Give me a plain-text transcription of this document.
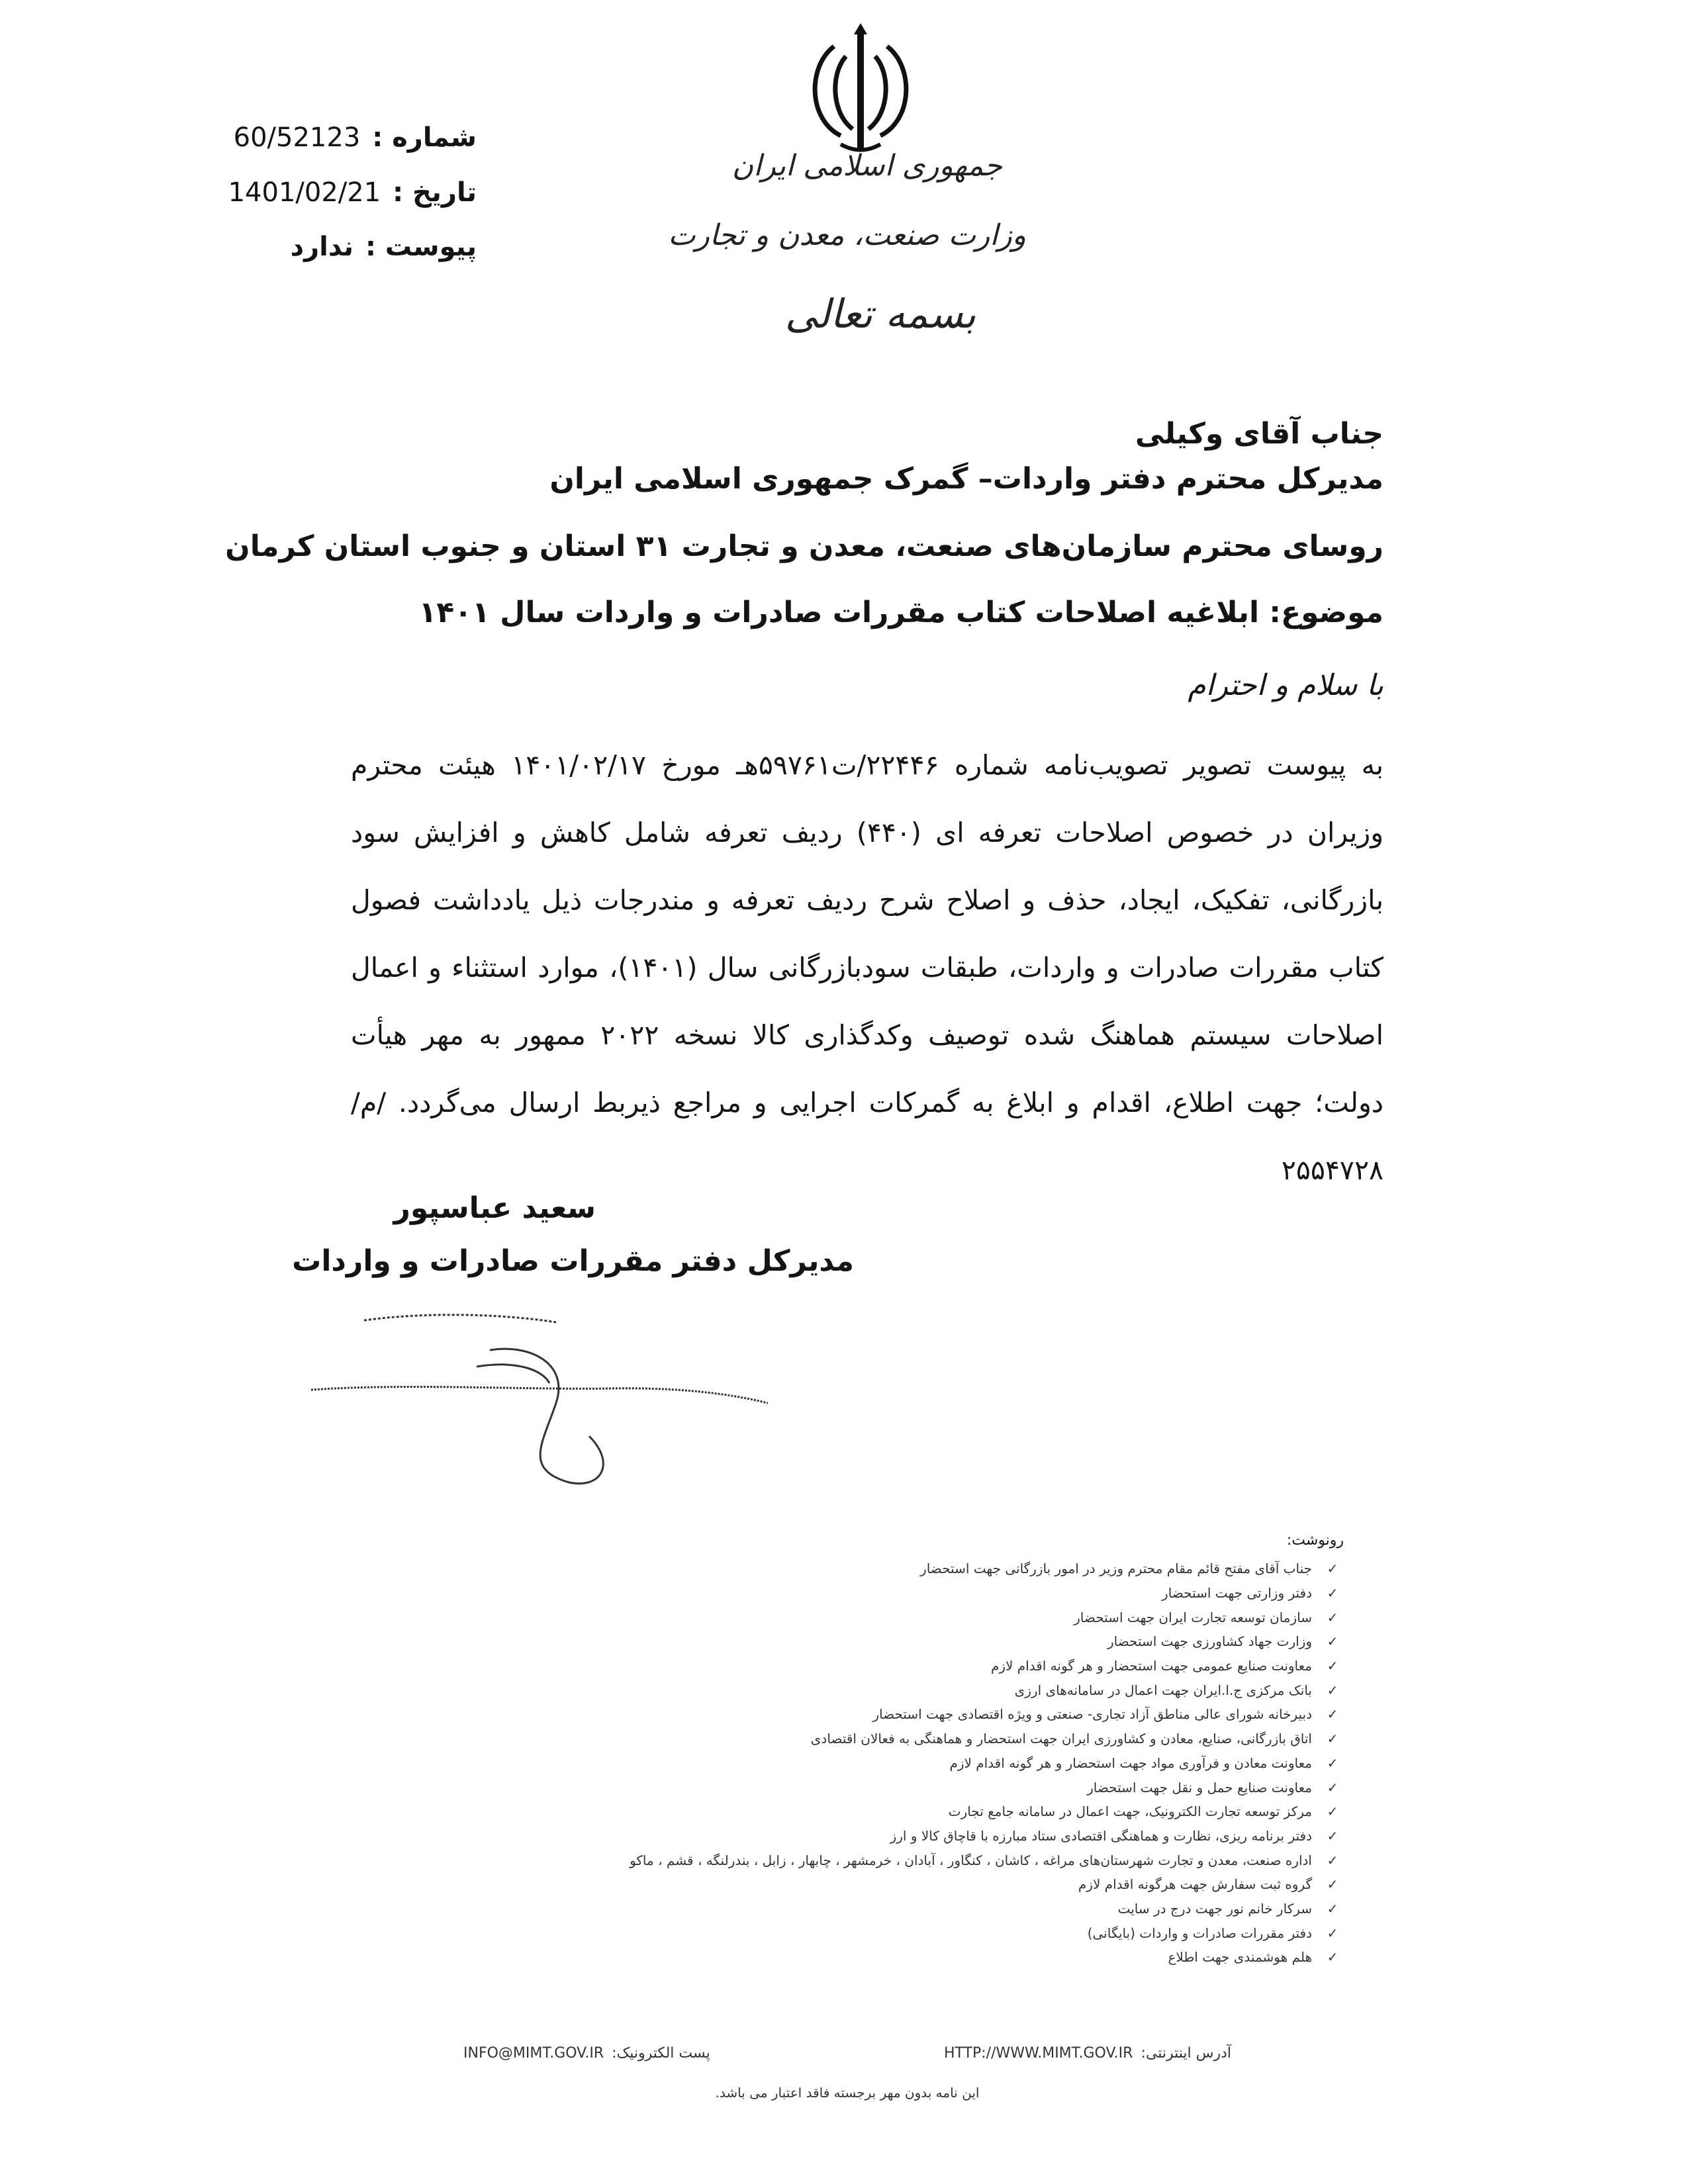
جمهوری اسلامی ایران
وزارت صنعت، معدن و تجارت
بسمه تعالی
شماره :
60/52123
تاریخ :
1401/02/21
پیوست :
ندارد
جناب آقای وکیلی
مدیرکل محترم دفتر واردات– گمرک جمهوری اسلامی ایران
روسای محترم سازمان‌های صنعت، معدن و تجارت ۳۱ استان و جنوب استان کرمان
موضوع: ابلاغیه اصلاحات کتاب مقررات صادرات و واردات سال ۱۴۰۱
با سلام و احترام
به پیوست تصویر تصویب‌نامه شماره ۲۲۴۴۶/ت۵۹۷۶۱هـ مورخ ۱۴۰۱/۰۲/۱۷ هیئت محترم وزیران در خصوص اصلاحات تعرفه ای (۴۴۰) ردیف تعرفه شامل کاهش و افزایش سود بازرگانی، تفکیک، ایجاد، حذف و اصلاح شرح ردیف تعرفه و مندرجات ذیل یادداشت فصول کتاب مقررات صادرات و واردات، طبقات سودبازرگانی سال (۱۴۰۱)، موارد استثناء و اعمال اصلاحات سیستم هماهنگ شده توصیف وکدگذاری کالا نسخه ۲۰۲۲ ممهور به مهر هیأت دولت؛ جهت اطلاع، اقدام و ابلاغ به گمرکات اجرایی و مراجع ذیربط ارسال می‌گردد. /م/۲۵۵۴۷۲۸
سعید عباسپور
مدیرکل دفتر مقررات صادرات و واردات
رونوشت:
✓
جناب آقای مفتح قائم مقام محترم وزیر در امور بازرگانی جهت استحضار
✓
دفتر وزارتی جهت استحضار
✓
سازمان توسعه تجارت ایران جهت استحضار
✓
وزارت جهاد کشاورزی جهت استحضار
✓
معاونت صنایع عمومی جهت استحضار و هر گونه اقدام لازم
✓
بانک مرکزی ج.ا.ایران جهت اعمال در سامانه‌های ارزی
✓
دبیرخانه شورای عالی مناطق آزاد تجاری- صنعتی و ویژه اقتصادی جهت استحضار
✓
اتاق بازرگانی، صنایع، معادن و کشاورزی ایران جهت استحضار و هماهنگی به فعالان اقتصادی
✓
معاونت معادن و فرآوری مواد جهت استحضار و هر گونه اقدام لازم
✓
معاونت صنایع حمل و نقل جهت استحضار
✓
مرکز توسعه تجارت الکترونیک، جهت اعمال در سامانه جامع تجارت
✓
دفتر برنامه ریزی، نظارت و هماهنگی اقتصادی ستاد مبارزه با قاچاق کالا و ارز
✓
اداره صنعت، معدن و تجارت شهرستان‌های مراغه ، کاشان ، کنگاور ، آبادان ، خرمشهر ، چابهار ، زابل ، بندرلنگه ، قشم ، ماکو
✓
گروه ثبت سفارش جهت هرگونه اقدام لازم
✓
سرکار خانم نور جهت درج در سایت
✓
دفتر مقررات صادرات و واردات (بایگانی)
✓
هلم هوشمندی جهت اطلاع
INFO@MIMT.GOV.IR پست الکترونیک:	HTTP://WWW.MIMT.GOV.IR آدرس اینترنتی:
این نامه بدون مهر برجسته فاقد اعتبار می باشد.
